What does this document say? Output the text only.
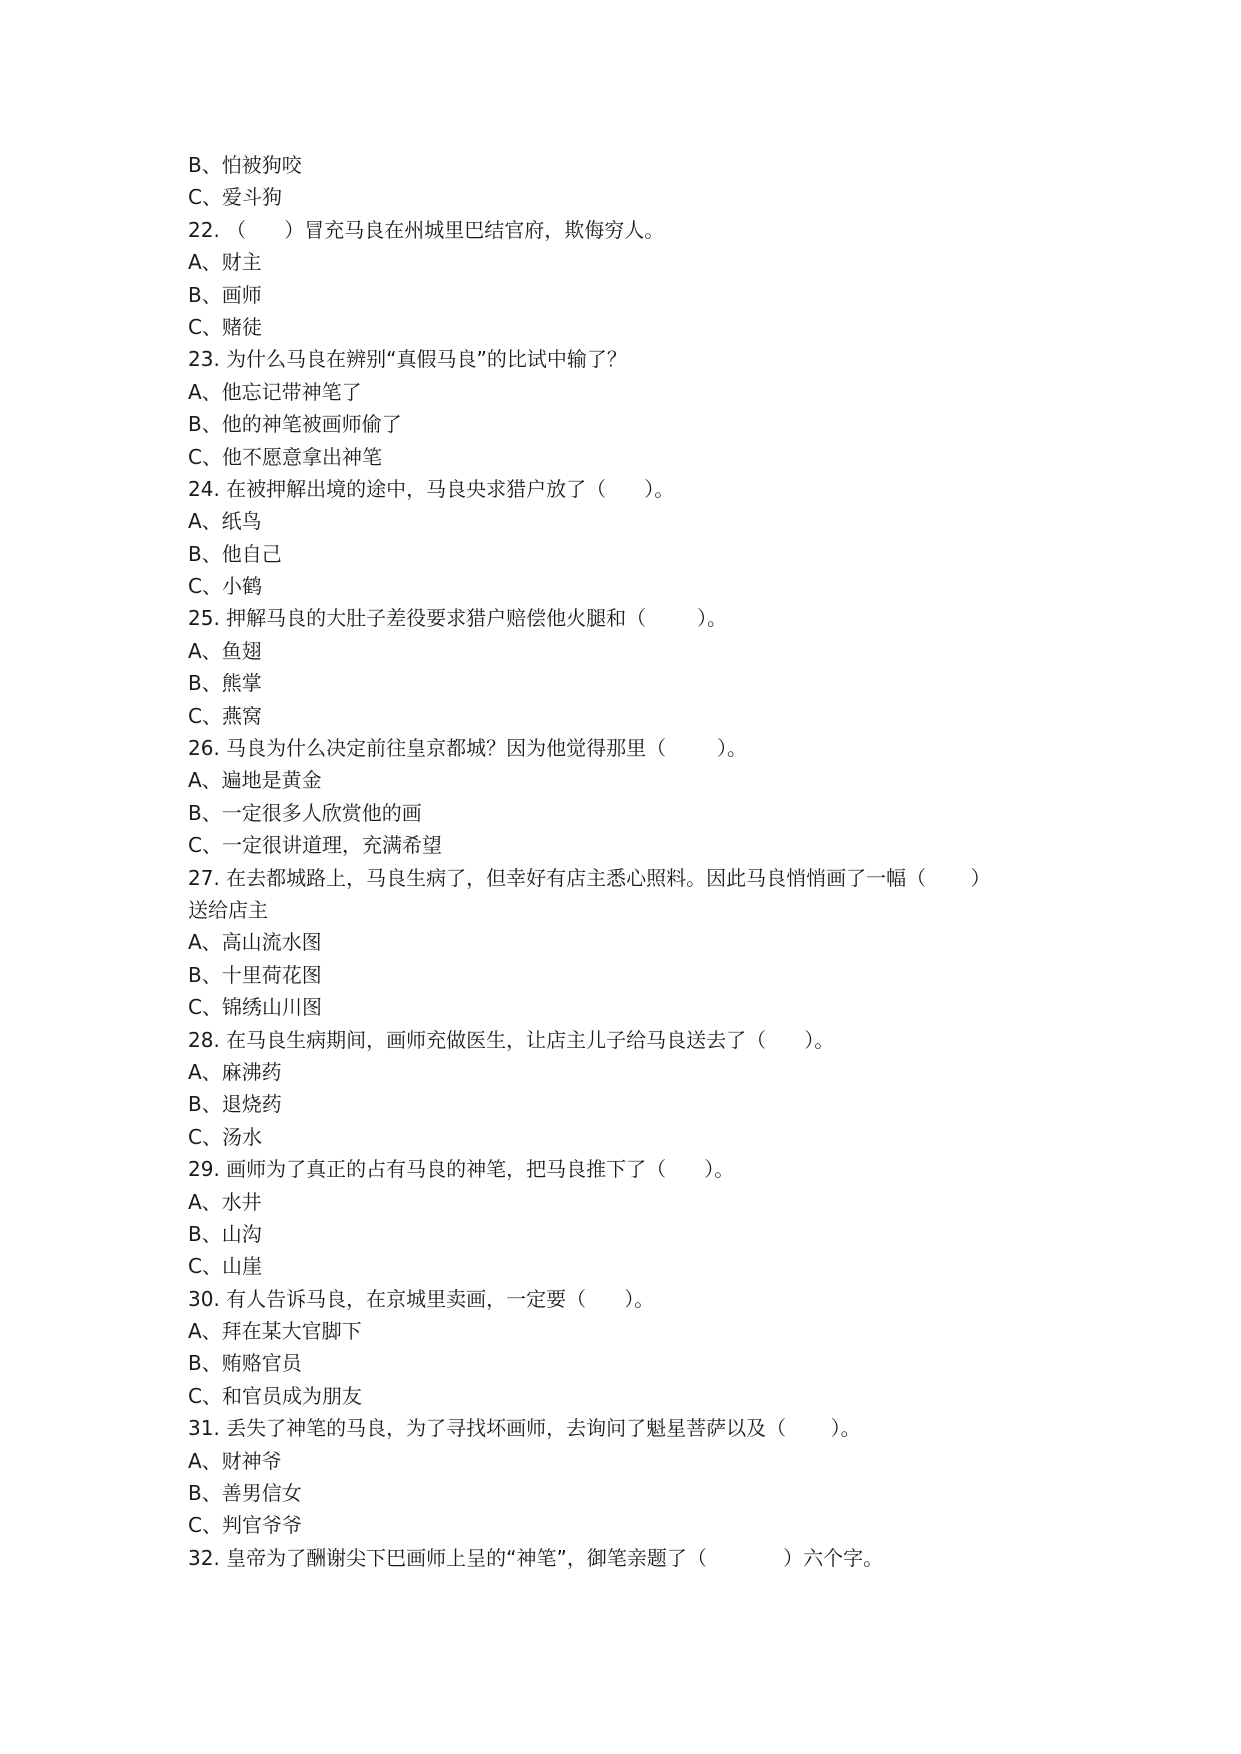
B、怕被狗咬
C、爱斗狗
22. （      ）冒充马良在州城里巴结官府，欺侮穷人。
A、财主
B、画师
C、赌徒
23. 为什么马良在辨别“真假马良”的比试中输了？
A、他忘记带神笔了
B、他的神笔被画师偷了
C、他不愿意拿出神笔
24. 在被押解出境的途中，马良央求猎户放了（      ）。
A、纸鸟
B、他自己
C、小鹤
25. 押解马良的大肚子差役要求猎户赔偿他火腿和（        ）。
A、鱼翅
B、熊掌
C、燕窝
26. 马良为什么决定前往皇京都城？因为他觉得那里（        ）。
A、遍地是黄金
B、一定很多人欣赏他的画
C、一定很讲道理，充满希望
27. 在去都城路上，马良生病了，但幸好有店主悉心照料。因此马良悄悄画了一幅（       ）
送给店主
A、高山流水图
B、十里荷花图
C、锦绣山川图
28. 在马良生病期间，画师充做医生，让店主儿子给马良送去了（      ）。
A、麻沸药
B、退烧药
C、汤水
29. 画师为了真正的占有马良的神笔，把马良推下了（      ）。
A、水井
B、山沟
C、山崖
30. 有人告诉马良，在京城里卖画，一定要（      ）。
A、拜在某大官脚下
B、贿赂官员
C、和官员成为朋友
31. 丢失了神笔的马良，为了寻找坏画师，去询问了魁星菩萨以及（       ）。
A、财神爷
B、善男信女
C、判官爷爷
32. 皇帝为了酬谢尖下巴画师上呈的“神笔”，御笔亲题了（            ）六个字。
